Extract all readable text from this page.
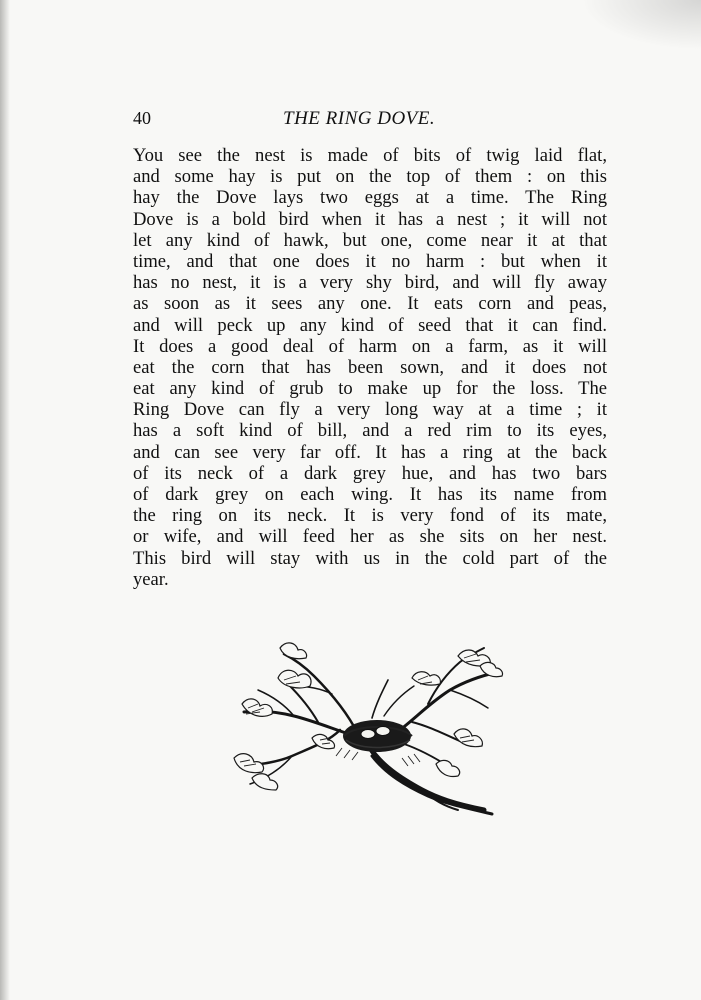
40	THE RING DOVE.
You see the nest is made of bits of twig laid flat,
and some hay is put on the top of them : on this
hay the Dove lays two eggs at a time. The Ring
Dove is a bold bird when it has a nest ; it will not
let any kind of hawk, but one, come near it at that
time, and that one does it no harm : but when it
has no nest, it is a very shy bird, and will fly away
as soon as it sees any one. It eats corn and peas,
and will peck up any kind of seed that it can find.
It does a good deal of harm on a farm, as it will
eat the corn that has been sown, and it does not
eat any kind of grub to make up for the loss. The
Ring Dove can fly a very long way at a time ; it
has a soft kind of bill, and a red rim to its eyes,
and can see very far off. It has a ring at the back
of its neck of a dark grey hue, and has two bars
of dark grey on each wing. It has its name from
the ring on its neck. It is very fond of its mate,
or wife, and will feed her as she sits on her nest.
This bird will stay with us in the cold part of the
year.
